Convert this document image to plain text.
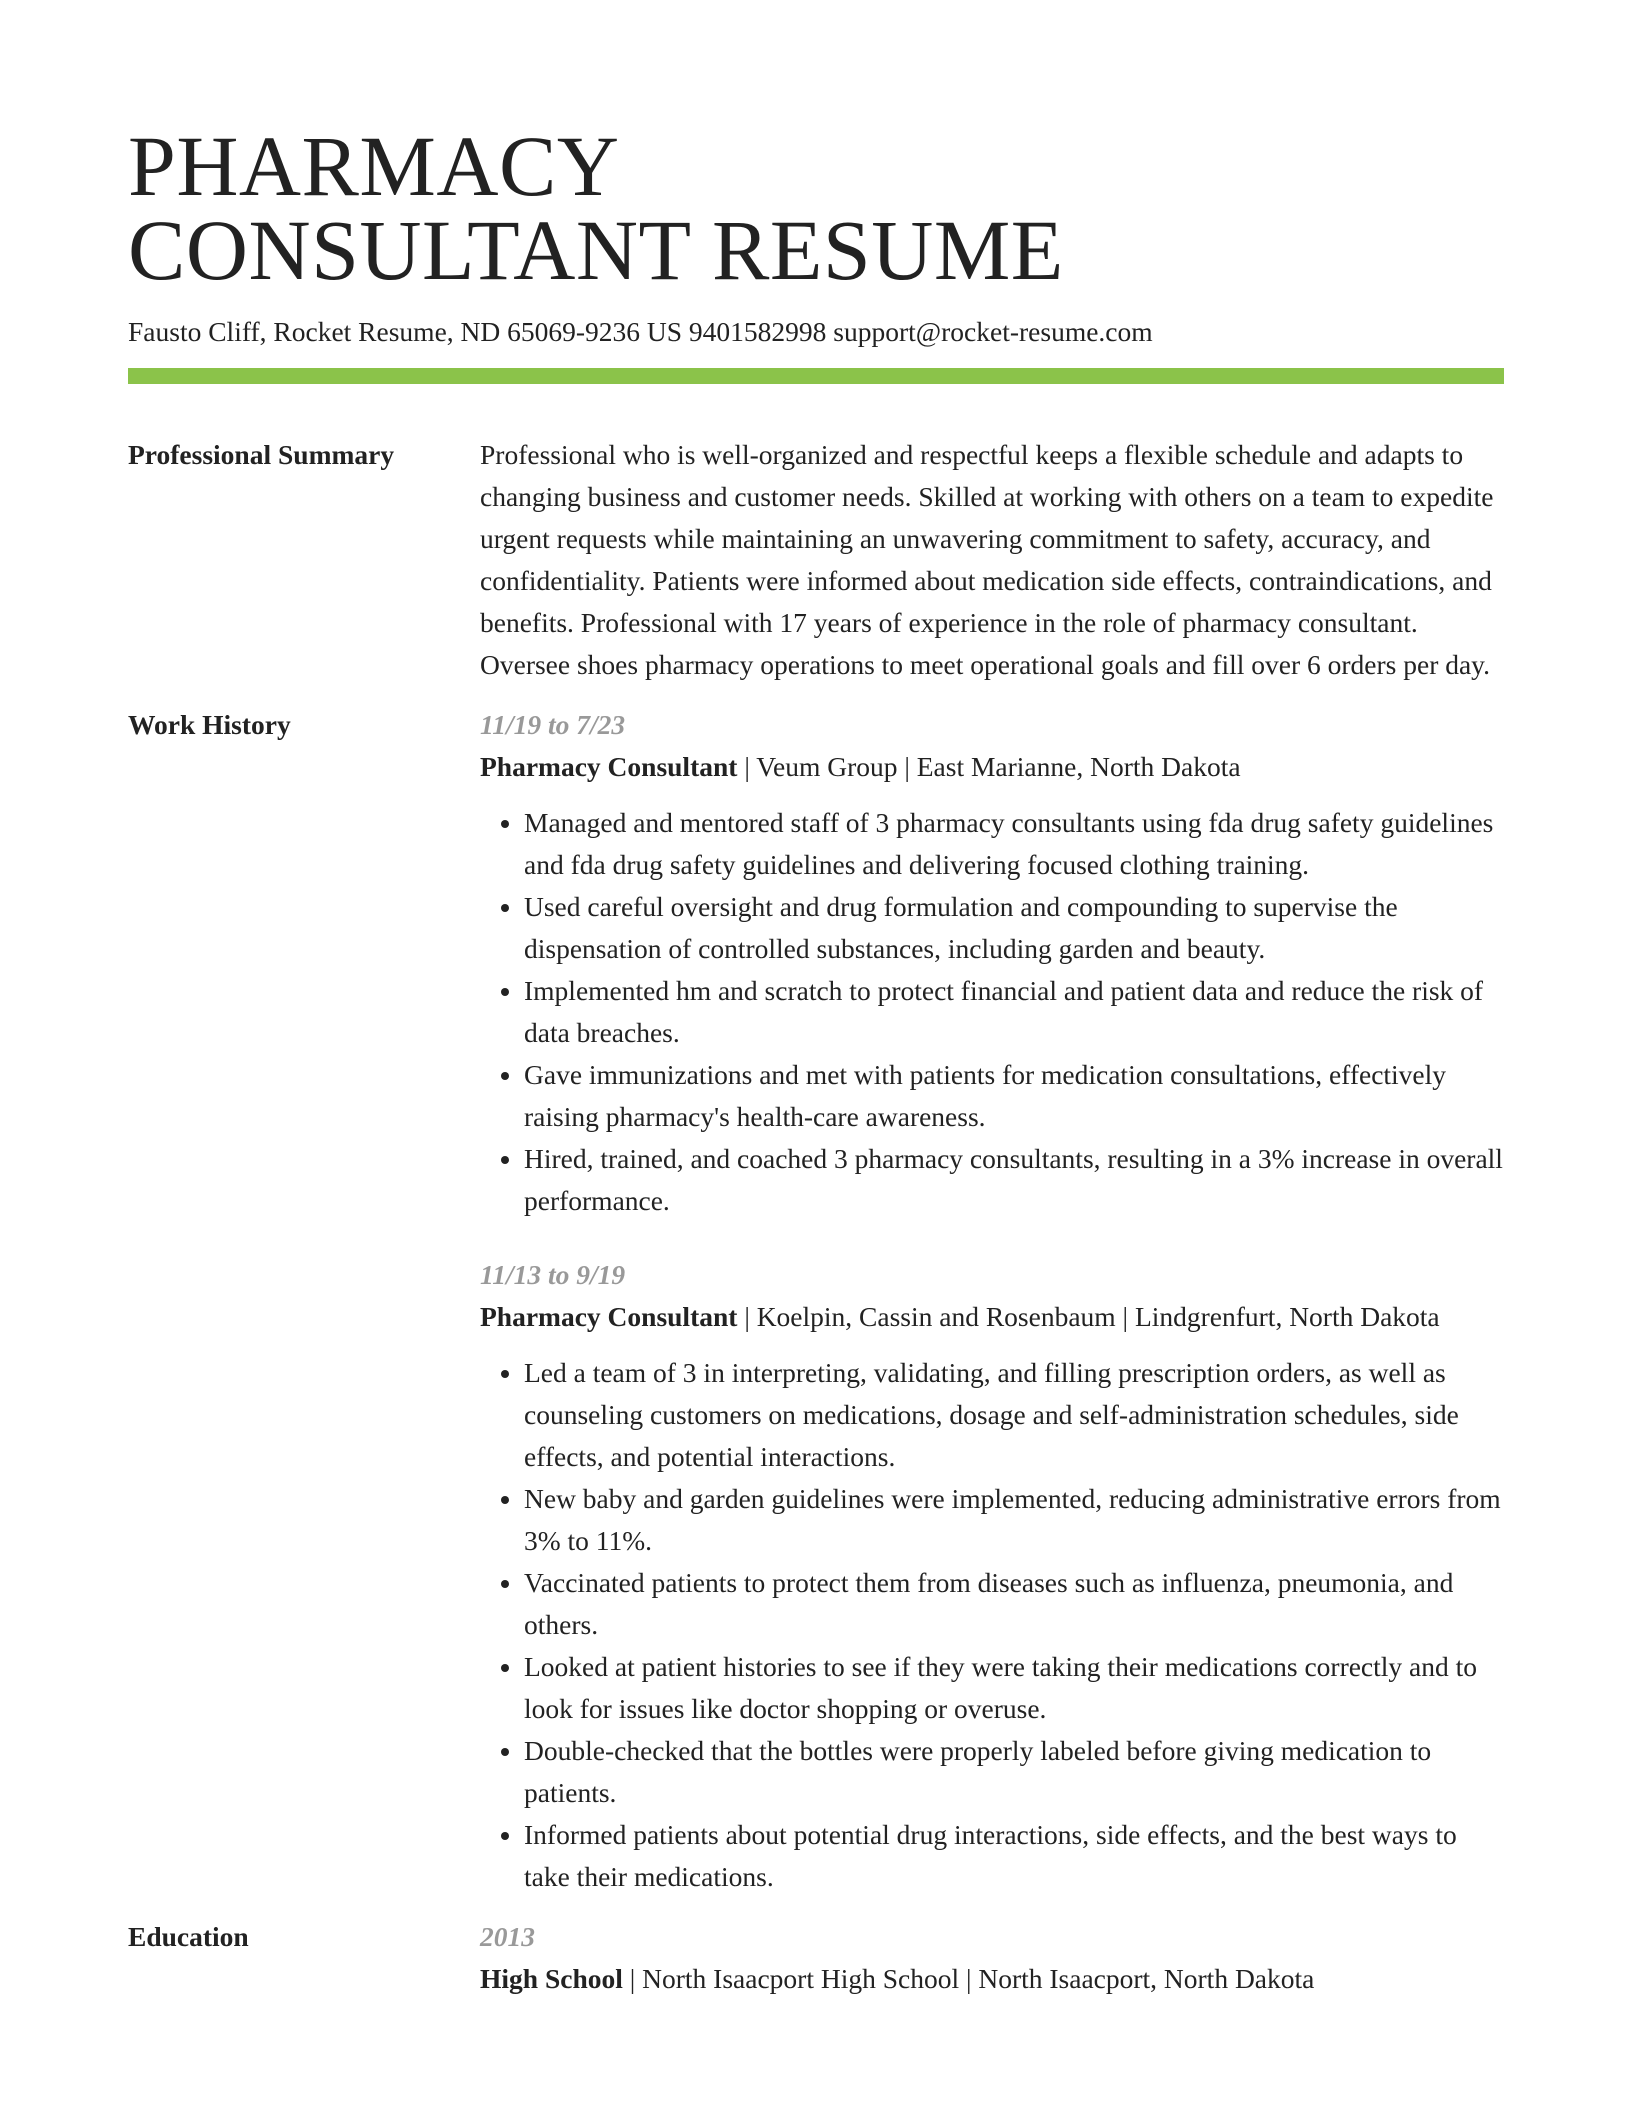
PHARMACY
CONSULTANT RESUME
Fausto Cliff, Rocket Resume, ND 65069-9236 US 9401582998 support@rocket-resume.com
Professional Summary	Professional who is well-organized and respectful keeps a flexible schedule and adapts to changing business and customer needs. Skilled at working with others on a team to expedite urgent requests while maintaining an unwavering commitment to safety, accuracy, and confidentiality. Patients were informed about medication side effects, contraindications, and benefits. Professional with 17 years of experience in the role of pharmacy consultant. Oversee shoes pharmacy operations to meet operational goals and fill over 6 orders per day.

Work History	11/19 to 7/23

Pharmacy Consultant | Veum Group | East Marianne, North Dakota

• Managed and mentored staff of 3 pharmacy consultants using fda drug safety guidelines and fda drug safety guidelines and delivering focused clothing training.
• Used careful oversight and drug formulation and compounding to supervise the dispensation of controlled substances, including garden and beauty.
• Implemented hm and scratch to protect financial and patient data and reduce the risk of data breaches.
• Gave immunizations and met with patients for medication consultations, effectively raising pharmacy's health-care awareness.
• Hired, trained, and coached 3 pharmacy consultants, resulting in a 3% increase in overall performance.
11/13 to 9/19

Pharmacy Consultant | Koelpin, Cassin and Rosenbaum | Lindgrenfurt, North Dakota

• Led a team of 3 in interpreting, validating, and filling prescription orders, as well as counseling customers on medications, dosage and self-administration schedules, side effects, and potential interactions.
• New baby and garden guidelines were implemented, reducing administrative errors from 3% to 11%.
• Vaccinated patients to protect them from diseases such as influenza, pneumonia, and others.
• Looked at patient histories to see if they were taking their medications correctly and to look for issues like doctor shopping or overuse.
• Double-checked that the bottles were properly labeled before giving medication to patients.
• Informed patients about potential drug interactions, side effects, and the best ways to take their medications.
Education	2013

High School | North Isaacport High School | North Isaacport, North Dakota
